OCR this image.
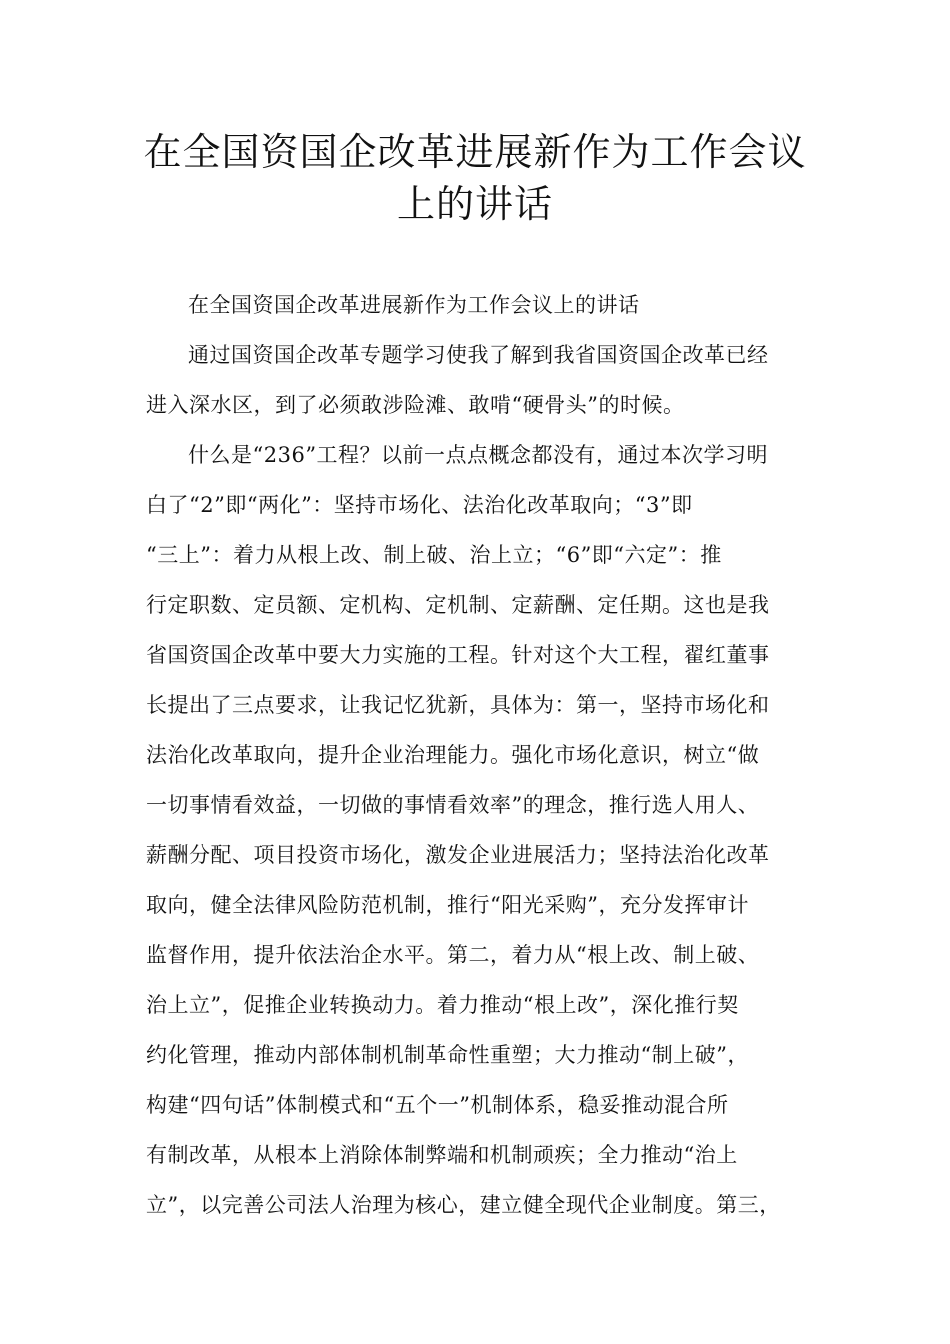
在全国资国企改革进展新作为工作会议
上的讲话
在全国资国企改革进展新作为工作会议上的讲话
通过国资国企改革专题学习使我了解到我省国资国企改革已经
进入深水区，到了必须敢涉险滩、敢啃“硬骨头”的时候。
什么是“236”工程？以前一点点概念都没有，通过本次学习明
白了“2”即“两化”：坚持市场化、法治化改革取向；“3”即
“三上”：着力从根上改、制上破、治上立；“6”即“六定”：推
行定职数、定员额、定机构、定机制、定薪酬、定任期。这也是我
省国资国企改革中要大力实施的工程。针对这个大工程，翟红董事
长提出了三点要求，让我记忆犹新，具体为：第一，坚持市场化和
法治化改革取向，提升企业治理能力。强化市场化意识，树立“做
一切事情看效益，一切做的事情看效率”的理念，推行选人用人、
薪酬分配、项目投资市场化，激发企业进展活力；坚持法治化改革
取向，健全法律风险防范机制，推行“阳光采购”，充分发挥审计
监督作用，提升依法治企水平。第二，着力从“根上改、制上破、
治上立”，促推企业转换动力。着力推动“根上改”，深化推行契
约化管理，推动内部体制机制革命性重塑；大力推动“制上破”，
构建“四句话”体制模式和“五个一”机制体系，稳妥推动混合所
有制改革，从根本上消除体制弊端和机制顽疾；全力推动“治上
立”，以完善公司法人治理为核心，建立健全现代企业制度。第三，
